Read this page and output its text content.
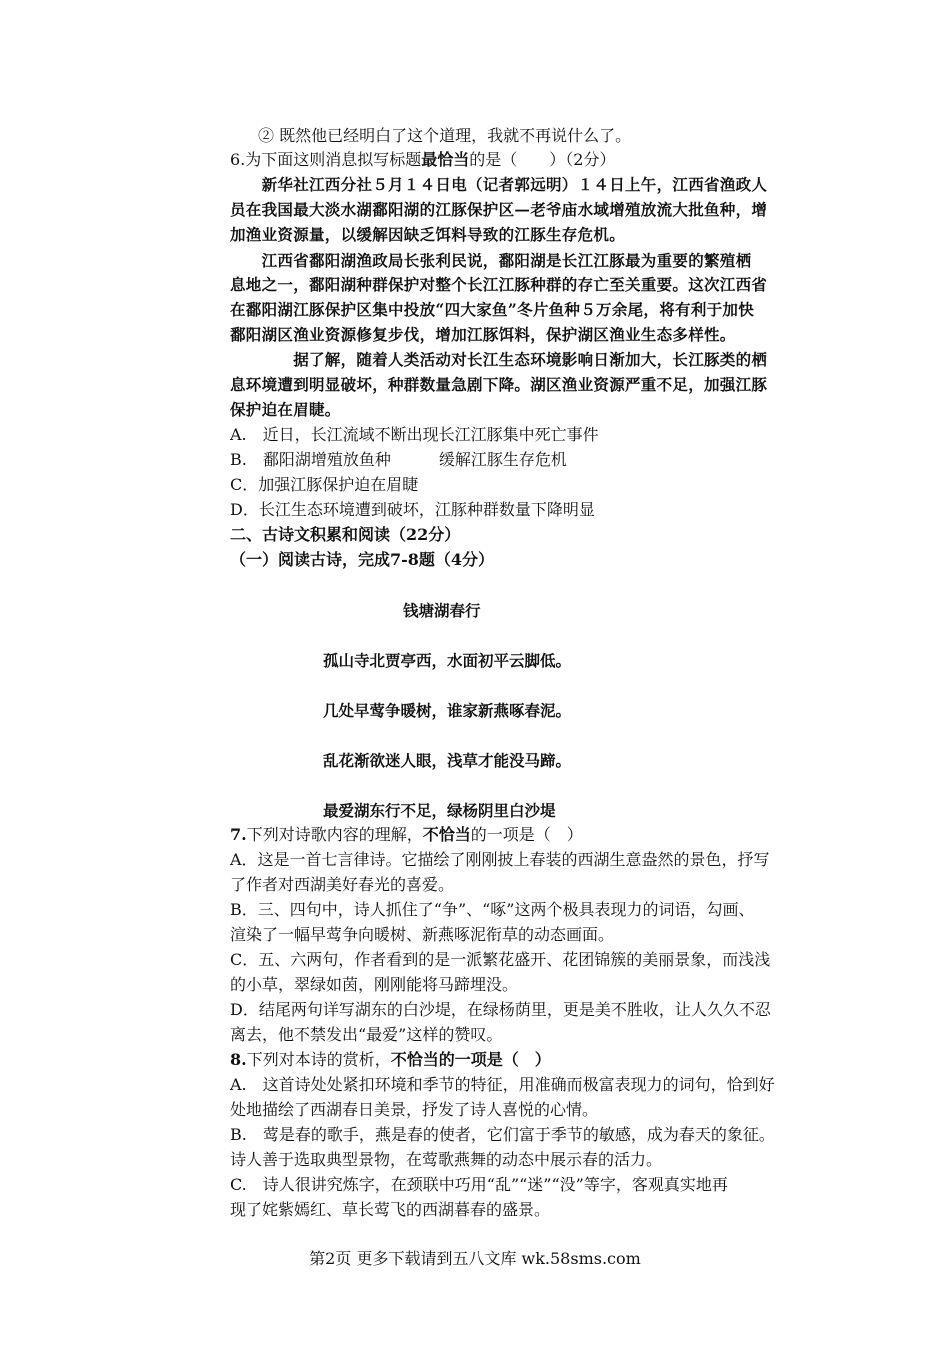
② 既然他已经明白了这个道理，我就不再说什么了。
6.为下面这则消息拟写标题最恰当的是（　　）（2分）
　　新华社江西分社５月１４日电（记者郭远明）１４日上午，江西省渔政人
员在我国最大淡水湖鄱阳湖的江豚保护区—老爷庙水域增殖放流大批鱼种，增
加渔业资源量，以缓解因缺乏饵料导致的江豚生存危机。
　　江西省鄱阳湖渔政局长张利民说，鄱阳湖是长江江豚最为重要的繁殖栖
息地之一，鄱阳湖种群保护对整个长江江豚种群的存亡至关重要。这次江西省
在鄱阳湖江豚保护区集中投放“四大家鱼”冬片鱼种５万余尾，将有利于加快
鄱阳湖区渔业资源修复步伐，增加江豚饵料，保护湖区渔业生态多样性。
　　　　据了解，随着人类活动对长江生态环境影响日渐加大，长江豚类的栖
息环境遭到明显破坏，种群数量急剧下降。湖区渔业资源严重不足，加强江豚
保护迫在眉睫。
A.　近日，长江流域不断出现长江江豚集中死亡事件
B.　鄱阳湖增殖放鱼种　　　缓解江豚生存危机
C．加强江豚保护迫在眉睫
D．长江生态环境遭到破坏，江豚种群数量下降明显
二、古诗文积累和阅读（22分）
（一）阅读古诗，完成7-8题（4分）
钱塘湖春行
孤山寺北贾亭西，水面初平云脚低。
几处早莺争暖树，谁家新燕啄春泥。
乱花渐欲迷人眼，浅草才能没马蹄。
最爱湖东行不足，绿杨阴里白沙堤
7.下列对诗歌内容的理解，不恰当的一项是（　）
A．这是一首七言律诗。它描绘了刚刚披上春装的西湖生意盎然的景色，抒写
了作者对西湖美好春光的喜爱。
B．三、四句中，诗人抓住了“争”、“啄”这两个极具表现力的词语，勾画、
渲染了一幅早莺争向暖树、新燕啄泥衔草的动态画面。
C．五、六两句，作者看到的是一派繁花盛开、花团锦簇的美丽景象，而浅浅
的小草，翠绿如茵，刚刚能将马蹄埋没。
D．结尾两句详写湖东的白沙堤，在绿杨荫里，更是美不胜收，让人久久不忍
离去，他不禁发出“最爱”这样的赞叹。
8.下列对本诗的赏析，不恰当的一项是（　）
A.　这首诗处处紧扣环境和季节的特征，用准确而极富表现力的词句，恰到好
处地描绘了西湖春日美景，抒发了诗人喜悦的心情。
B.　莺是春的歌手，燕是春的使者，它们富于季节的敏感，成为春天的象征。
诗人善于选取典型景物，在莺歌燕舞的动态中展示春的活力。
C.　诗人很讲究炼字，在颈联中巧用“乱”“迷”“没”等字，客观真实地再
现了姹紫嫣红、草长莺飞的西湖暮春的盛景。
第2页 更多下载请到五八文库 wk.58sms.com
